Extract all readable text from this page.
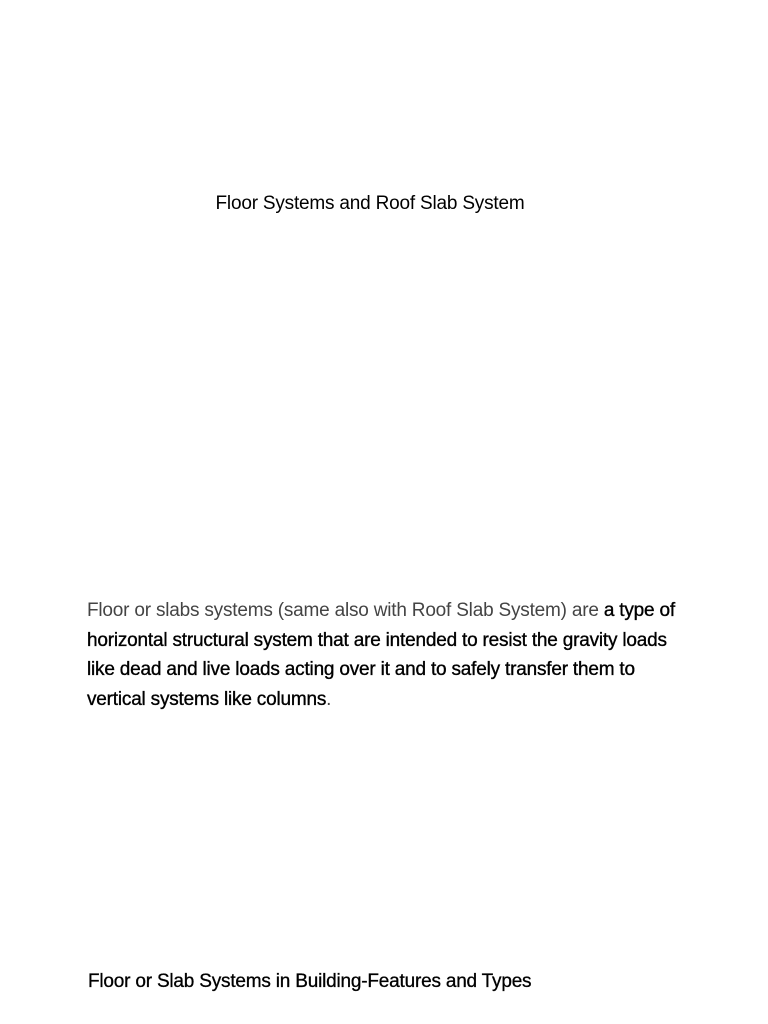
Floor Systems and Roof Slab System

Floor or slabs systems (same also with Roof Slab System) are a type of horizontal structural system that are intended to resist the gravity loads like dead and live loads acting over it and to safely transfer them to vertical systems like columns.

Floor or Slab Systems in Building-Features and Types
